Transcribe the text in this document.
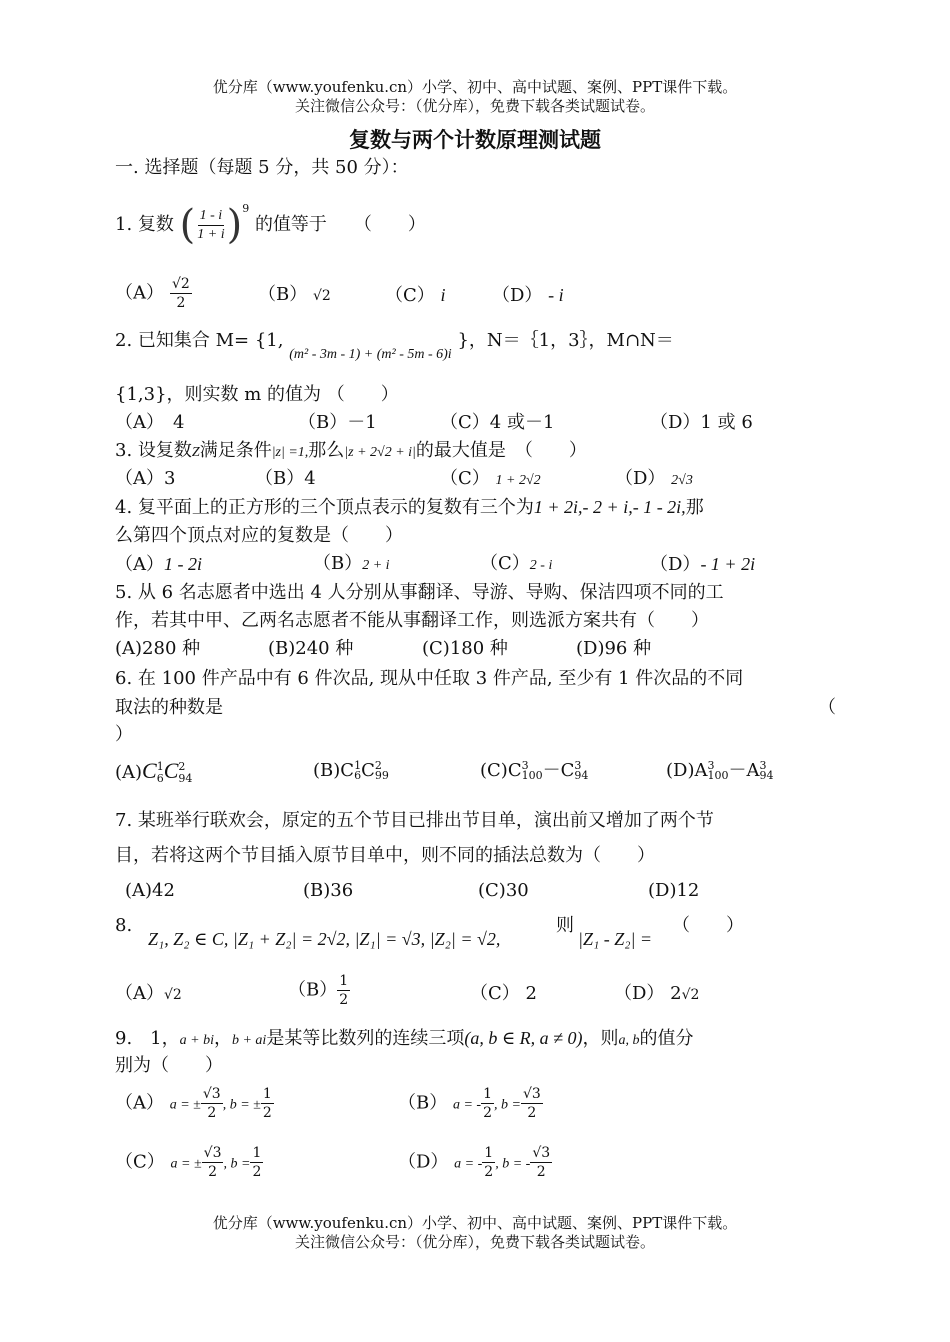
优分库（www.youfenku.cn）小学、初中、高中试题、案例、PPT课件下载。
关注微信公众号：（优分库），免费下载各类试题试卷。
复数与两个计数原理测试题
一. 选择题（每题 5 分，共 50 分）：
1. 复数 ( $\frac{1 - i}{1 + i} )^9$ 的值等于　　（　　）
$(A) \frac{√2}{2}$	（B） √2	（C） i	（D） - i
2. 已知集合 M= {1, $_{(m^2 - 3m - 1) + (m^2 - 5m - 6)i}$ }，N＝｛1，3｝，M∩N＝
{1,3}，则实数 m 的值为 （　　）
（A）　4	（B）－1	（C）4 或－1	（D）1 或 6
3. 设复数Z满足条件|z| =1,那么|z + 2√2 + i|的最大值是　（　　）
（A）3	（B）4	（C） 1 + 2√2	（D） 2√3
4. 复平面上的正方形的三个顶点表示的复数有三个为1 + 2i,- 2 + i,- 1 - 2i,那
么第四个顶点对应的复数是（　　）
（A）1 - 2i	（B）2 + i	（C）2 - i	（D）- 1 + 2i
5. 从 6 名志愿者中选出 4 人分别从事翻译、导游、导购、保洁四项不同的工
作，若其中甲、乙两名志愿者不能从事翻译工作，则选派方案共有（　　）
(A)280 种	(B)240 种	(C)180 种	(D)96 种
6. 在 100 件产品中有 6 件次品, 现从中任取 3 件产品, 至少有 1 件次品的不同
取法的种数是	（
）
(A)C 1
6 C 2
94	(B)C 1
6 C 2
99	(C)C 3
100 －C 3
94	(D)A 3
100 －A 3
94
7. 某班举行联欢会，原定的五个节目已排出节目单，演出前又增加了两个节
目，若将这两个节目插入原节目单中，则不同的插法总数为（　　）
(A)42	(B)36	(C)30	(D)12
8.
Z₁, Z₂ ∈ C, |Z₁ + Z₂| = 2√2, |Z₁| = √3, |Z₂| = √2,
则
|Z₁ - Z₂| =
（　　）
（A）√2	$(B) \frac{1}{2}$	（C） 2	（D） 2√2
9.　1，a + bi，b + ai是某等比数列的连续三项(a, b ∈ R, a ≠ 0)，则a, b的值分
别为（　　）
（A） a = ± $\frac{√3}{2}$ , b = ± $\frac{1}{2}$	（B） a = - $\frac{1}{2}$ , $b = \frac{√3}{2}$
（C） a = ± $\frac{√3}{2}$ , $b = \frac{1}{2}$	（D） a = - $\frac{1}{2}$ , b = - $\frac{√3}{2}$
优分库（www.youfenku.cn）小学、初中、高中试题、案例、PPT课件下载。
关注微信公众号：（优分库），免费下载各类试题试卷。
